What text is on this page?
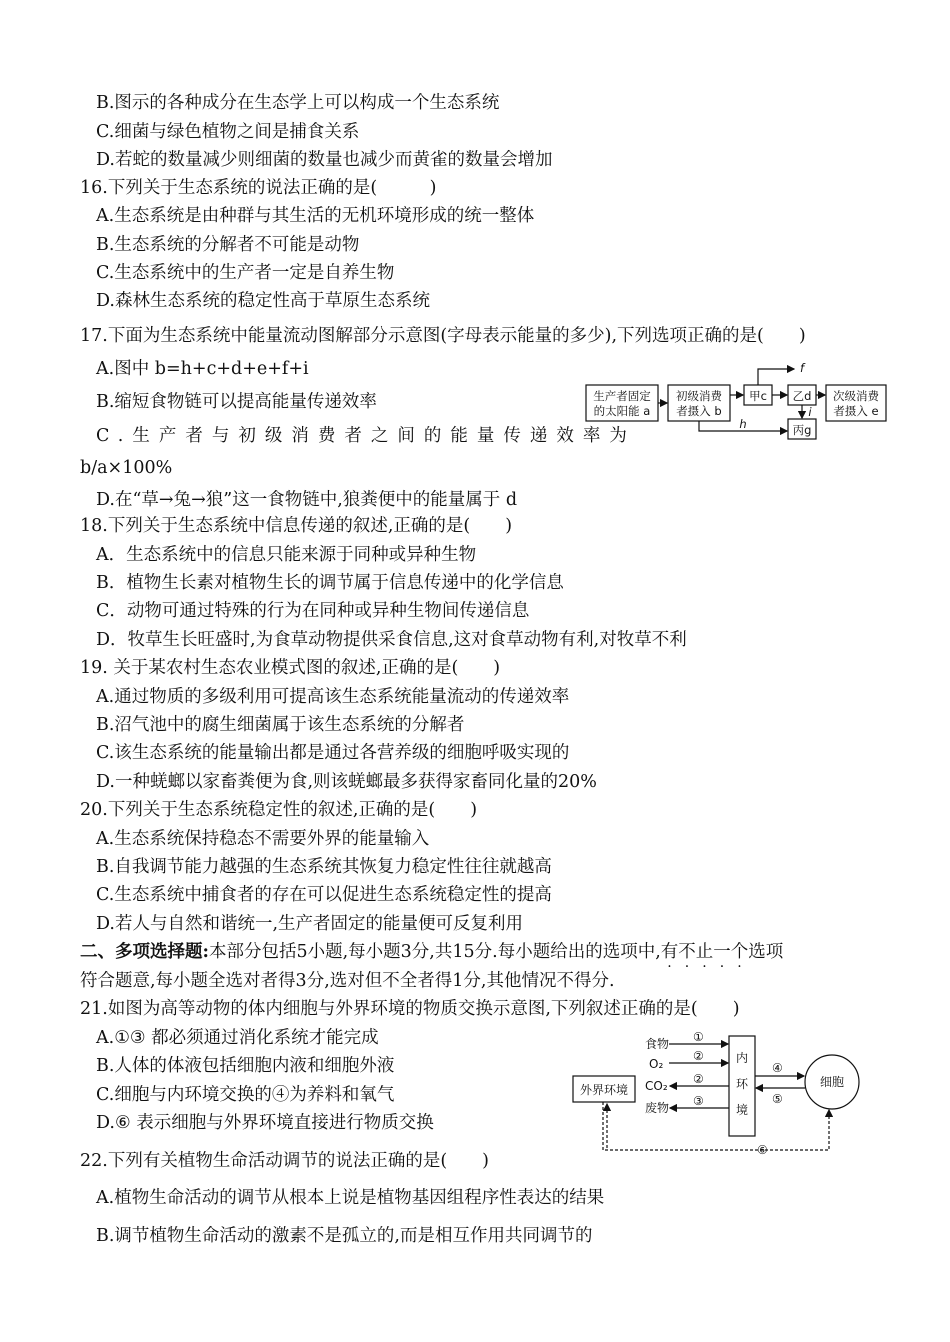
B.图示的各种成分在生态学上可以构成一个生态系统
C.细菌与绿色植物之间是捕食关系
D.若蛇的数量减少则细菌的数量也减少而黄雀的数量会增加
16.下列关于生态系统的说法正确的是(　　　)
A.生态系统是由种群与其生活的无机环境形成的统一整体
B.生态系统的分解者不可能是动物
C.生态系统中的生产者一定是自养生物
D.森林生态系统的稳定性高于草原生态系统
17.下面为生态系统中能量流动图解部分示意图(字母表示能量的多少),下列选项正确的是(　　)
A.图中 b=h+c+d+e+f+i
B.缩短食物链可以提高能量传递效率
C.生产者与初级消费者之间的能量传递效率为
b/a×100%
D.在“草→兔→狼”这一食物链中,狼粪便中的能量属于 d
生产者固定
的太阳能 a
初级消费
者摄入 b
甲c 乙d
丙g
次级消费
者摄入 e
f
h
i
18.下列关于生态系统中信息传递的叙述,正确的是(　　)
A．生态系统中的信息只能来源于同种或异种生物
B．植物生长素对植物生长的调节属于信息传递中的化学信息
C．动物可通过特殊的行为在同种或异种生物间传递信息
D．牧草生长旺盛时,为食草动物提供采食信息,这对食草动物有利,对牧草不利
19. 关于某农村生态农业模式图的叙述,正确的是(　　)
A.通过物质的多级利用可提高该生态系统能量流动的传递效率
B.沼气池中的腐生细菌属于该生态系统的分解者
C.该生态系统的能量输出都是通过各营养级的细胞呼吸实现的
D.一种蜣螂以家畜粪便为食,则该蜣螂最多获得家畜同化量的20%
20.下列关于生态系统稳定性的叙述,正确的是(　　)
A.生态系统保持稳态不需要外界的能量输入
B.自我调节能力越强的生态系统其恢复力稳定性往往就越高
C.生态系统中捕食者的存在可以促进生态系统稳定性的提高
D.若人与自然和谐统一,生产者固定的能量便可反复利用
二、多项选择题:本部分包括5小题,每小题3分,共15分.每小题给出的选项中,有不止一个选项
符合题意,每小题全选对者得3分,选对但不全者得1分,其他情况不得分.
21.如图为高等动物的体内细胞与外界环境的物质交换示意图,下列叙述正确的是(　　)
A.①③ 都必须通过消化系统才能完成
B.人体的体液包括细胞内液和细胞外液
C.细胞与内环境交换的④为养料和氧气
D.⑥ 表示细胞与外界环境直接进行物质交换
外界环境
食物
O₂
CO₂
废物
内
环
境
细胞
①
②
②
③
④
⑤
⑥
22.下列有关植物生命活动调节的说法正确的是(　　)
A.植物生命活动的调节从根本上说是植物基因组程序性表达的结果
B.调节植物生命活动的激素不是孤立的,而是相互作用共同调节的
